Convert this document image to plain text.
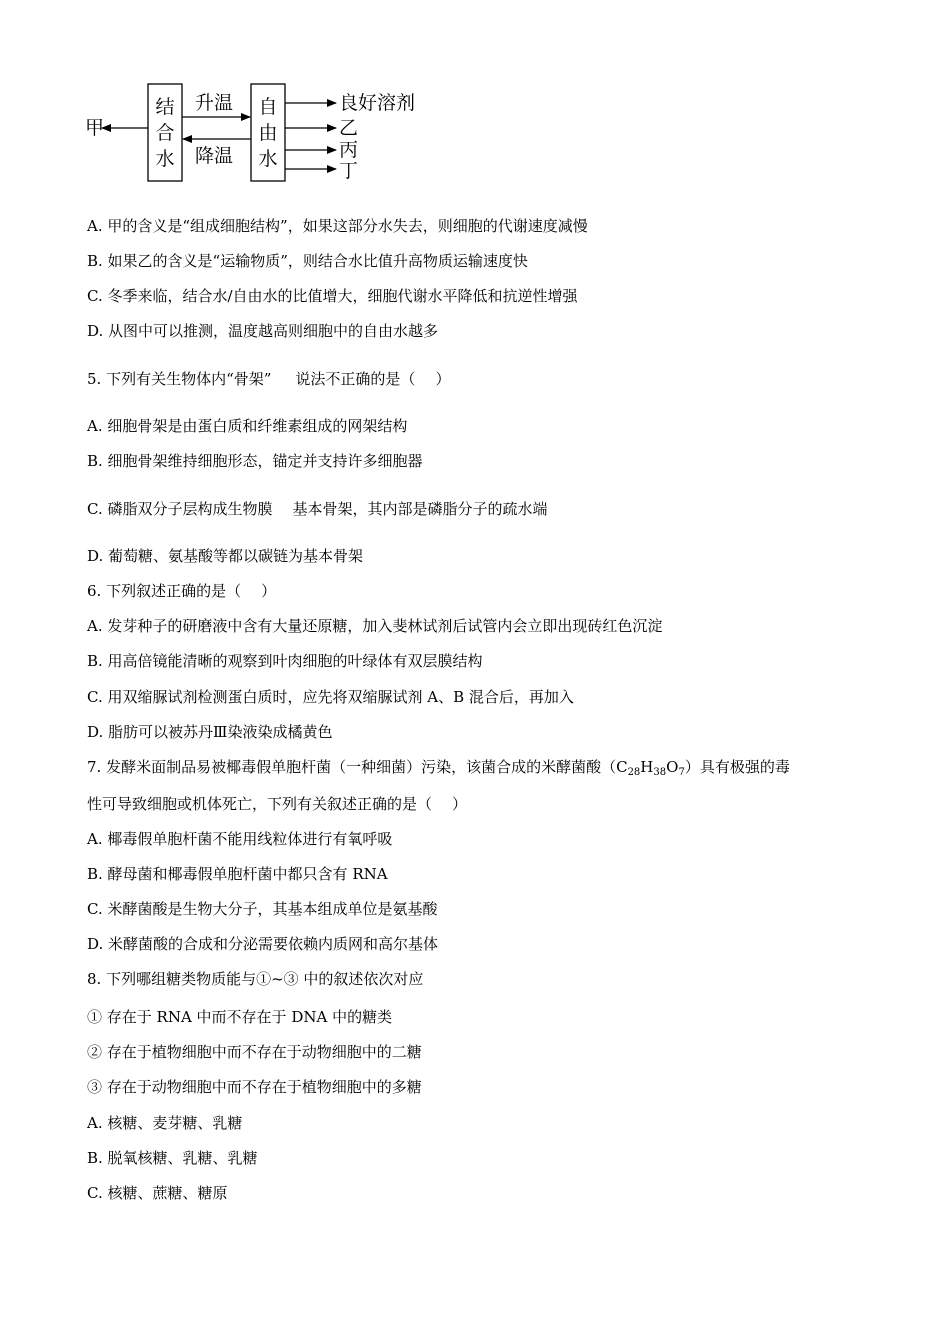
结
合
水
自
由
水
甲
升温
降温
良好溶剂
乙
丙
丁
A. 甲的含义是“组成细胞结构”，如果这部分水失去，则细胞的代谢速度减慢
B. 如果乙的含义是“运输物质”，则结合水比值升高物质运输速度快
C. 冬季来临，结合水/自由水的比值增大，细胞代谢水平降低和抗逆性增强
D. 从图中可以推测，温度越高则细胞中的自由水越多
5. 下列有关生物体内“骨架” 说法不正确的是（ ）
A. 细胞骨架是由蛋白质和纤维素组成的网架结构
B. 细胞骨架维持细胞形态，锚定并支持许多细胞器
C. 磷脂双分子层构成生物膜 基本骨架，其内部是磷脂分子的疏水端
D. 葡萄糖、氨基酸等都以碳链为基本骨架
6. 下列叙述正确的是（ ）
A. 发芽种子的研磨液中含有大量还原糖，加入斐林试剂后试管内会立即出现砖红色沉淀
B. 用高倍镜能清晰的观察到叶肉细胞的叶绿体有双层膜结构
C. 用双缩脲试剂检测蛋白质时，应先将双缩脲试剂 A、B 混合后，再加入
D. 脂肪可以被苏丹Ⅲ染液染成橘黄色
7. 发酵米面制品易被椰毒假单胞杆菌（一种细菌）污染，该菌合成的米酵菌酸$(C_{28}H_{38}O_7)$具有极强的毒
性可导致细胞或机体死亡，下列有关叙述正确的是（ ）
A. 椰毒假单胞杆菌不能用线粒体进行有氧呼吸
B. 酵母菌和椰毒假单胞杆菌中都只含有 RNA
C. 米酵菌酸是生物大分子，其基本组成单位是氨基酸
D. 米酵菌酸的合成和分泌需要依赖内质网和高尔基体
8. 下列哪组糖类物质能与①~③ 中的叙述依次对应
① 存在于 RNA 中而不存在于 DNA 中的糖类
② 存在于植物细胞中而不存在于动物细胞中的二糖
③ 存在于动物细胞中而不存在于植物细胞中的多糖
A. 核糖、麦芽糖、乳糖
B. 脱氧核糖、乳糖、乳糖
C. 核糖、蔗糖、糖原
